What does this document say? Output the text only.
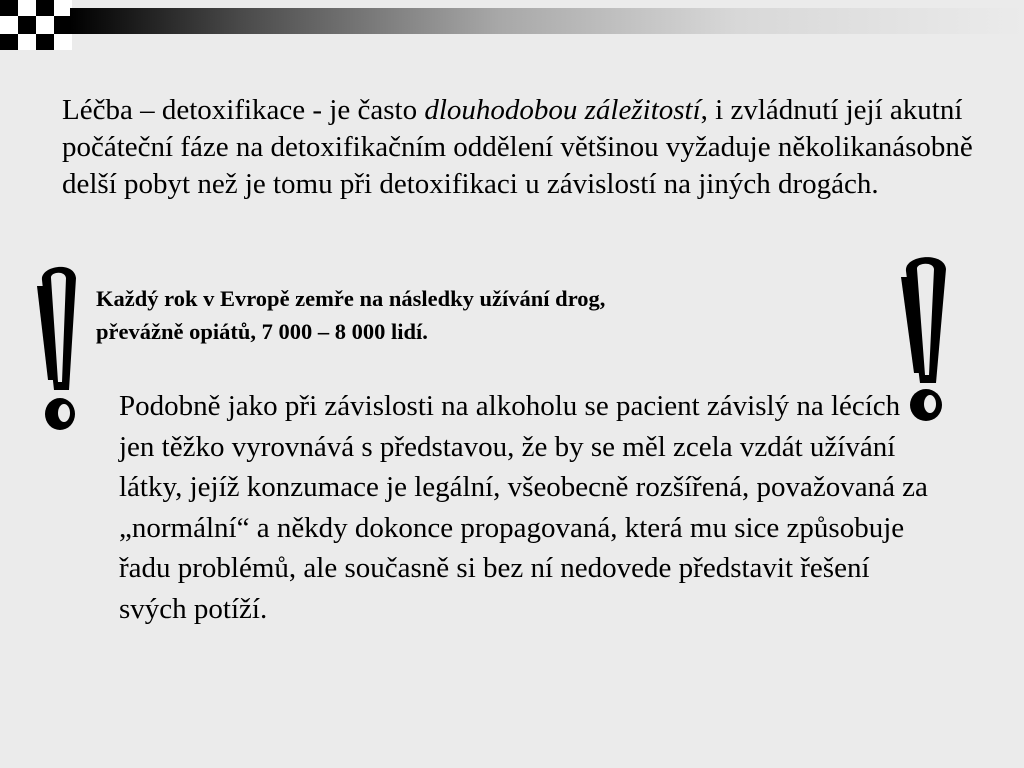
Léčba – detoxifikace - je často dlouhodobou záležitostí, i zvládnutí její akutní počáteční fáze na detoxifikačním oddělení většinou vyžaduje několikanásobně delší pobyt než je tomu při detoxifikaci u závislostí na jiných drogách.
Každý rok v Evropě zemře na následky užívání drog,
převážně opiátů, 7 000 – 8 000 lidí.
Podobně jako při závislosti na alkoholu se pacient závislý na lécích jen těžko vyrovnává s představou, že by se měl zcela vzdát užívání látky, jejíž konzumace je legální, všeobecně rozšířená, považovaná za „normální“ a někdy dokonce propagovaná, která mu sice způsobuje řadu problémů, ale současně si bez ní nedovede představit řešení svých potíží.
